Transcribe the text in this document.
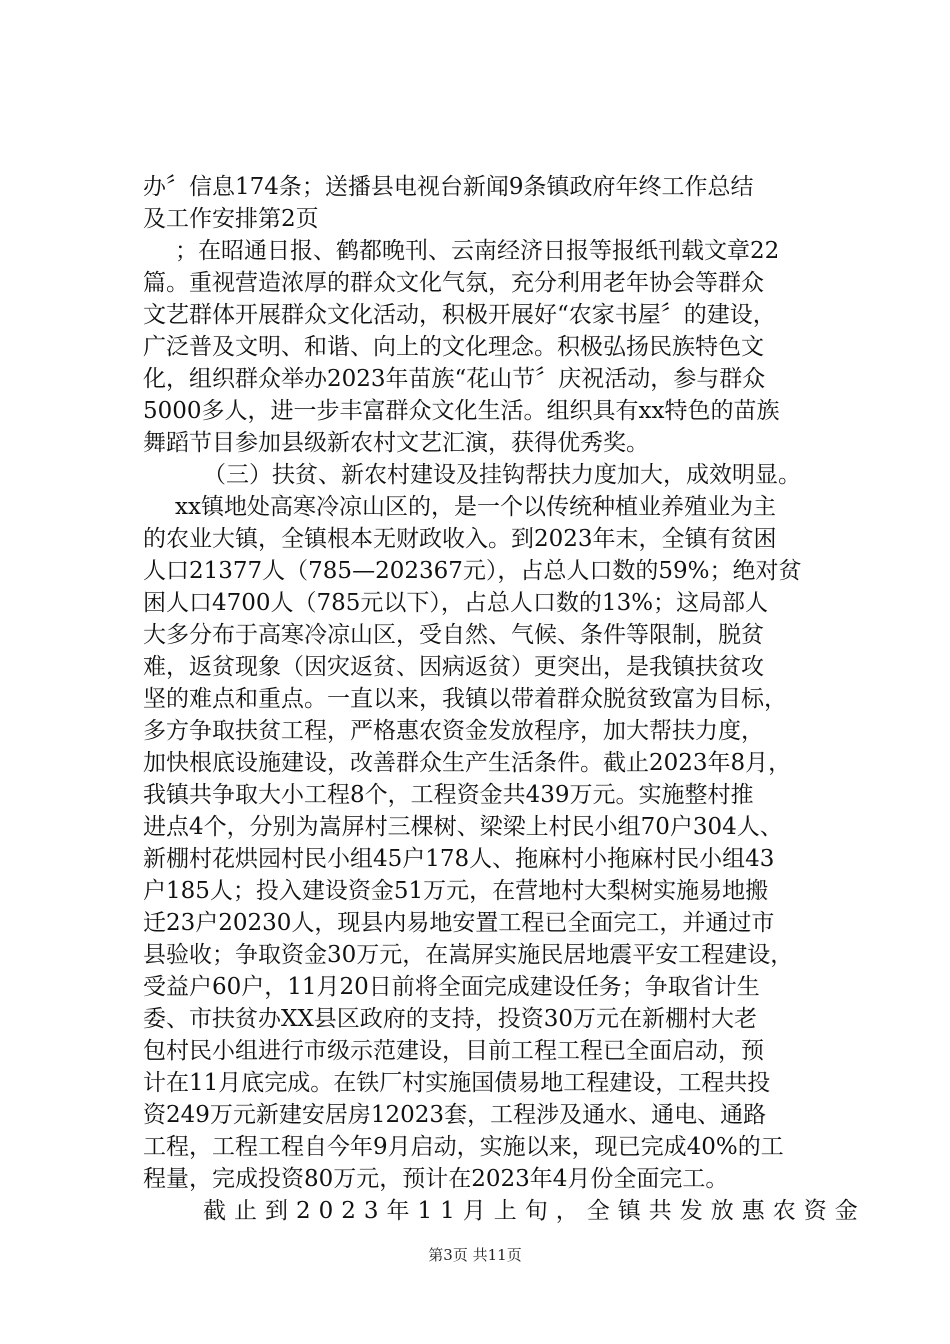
办〞信息174条；送播县电视台新闻9条镇政府年终工作总结
及工作安排第2页
；在昭通日报、鹤都晚刊、云南经济日报等报纸刊载文章22
篇。重视营造浓厚的群众文化气氛，充分利用老年协会等群众
文艺群体开展群众文化活动，积极开展好“农家书屋〞的建设，
广泛普及文明、和谐、向上的文化理念。积极弘扬民族特色文
化，组织群众举办2023年苗族“花山节〞庆祝活动，参与群众
5000多人，进一步丰富群众文化生活。组织具有xx特色的苗族
舞蹈节目参加县级新农村文艺汇演，获得优秀奖。
（三）扶贫、新农村建设及挂钩帮扶力度加大，成效明显。
xx镇地处高寒冷凉山区的，是一个以传统种植业养殖业为主
的农业大镇，全镇根本无财政收入。到2023年末，全镇有贫困
人口21377人（785—202367元），占总人口数的59%；绝对贫
困人口4700人（785元以下），占总人口数的13%；这局部人
大多分布于高寒冷凉山区，受自然、气候、条件等限制，脱贫
难，返贫现象（因灾返贫、因病返贫）更突出，是我镇扶贫攻
坚的难点和重点。一直以来，我镇以带着群众脱贫致富为目标，
多方争取扶贫工程，严格惠农资金发放程序，加大帮扶力度，
加快根底设施建设，改善群众生产生活条件。截止2023年8月，
我镇共争取大小工程8个，工程资金共439万元。实施整村推
进点4个，分别为嵩屏村三棵树、梁梁上村民小组70户304人、
新棚村花烘园村民小组45户178人、拖麻村小拖麻村民小组43
户185人；投入建设资金51万元，在营地村大梨树实施易地搬
迁23户20230人，现县内易地安置工程已全面完工，并通过市
县验收；争取资金30万元，在嵩屏实施民居地震平安工程建设，
受益户60户，11月20日前将全面完成建设任务；争取省计生
委、市扶贫办XX县区政府的支持，投资30万元在新棚村大老
包村民小组进行市级示范建设，目前工程工程已全面启动，预
计在11月底完成。在铁厂村实施国债易地工程建设，工程共投
资249万元新建安居房12023套，工程涉及通水、通电、通路
工程，工程工程自今年9月启动，实施以来，现已完成40%的工
程量，完成投资80万元，预计在2023年4月份全面完工。
截止到2023年11月上旬，全镇共发放惠农资金
第3页 共11页
